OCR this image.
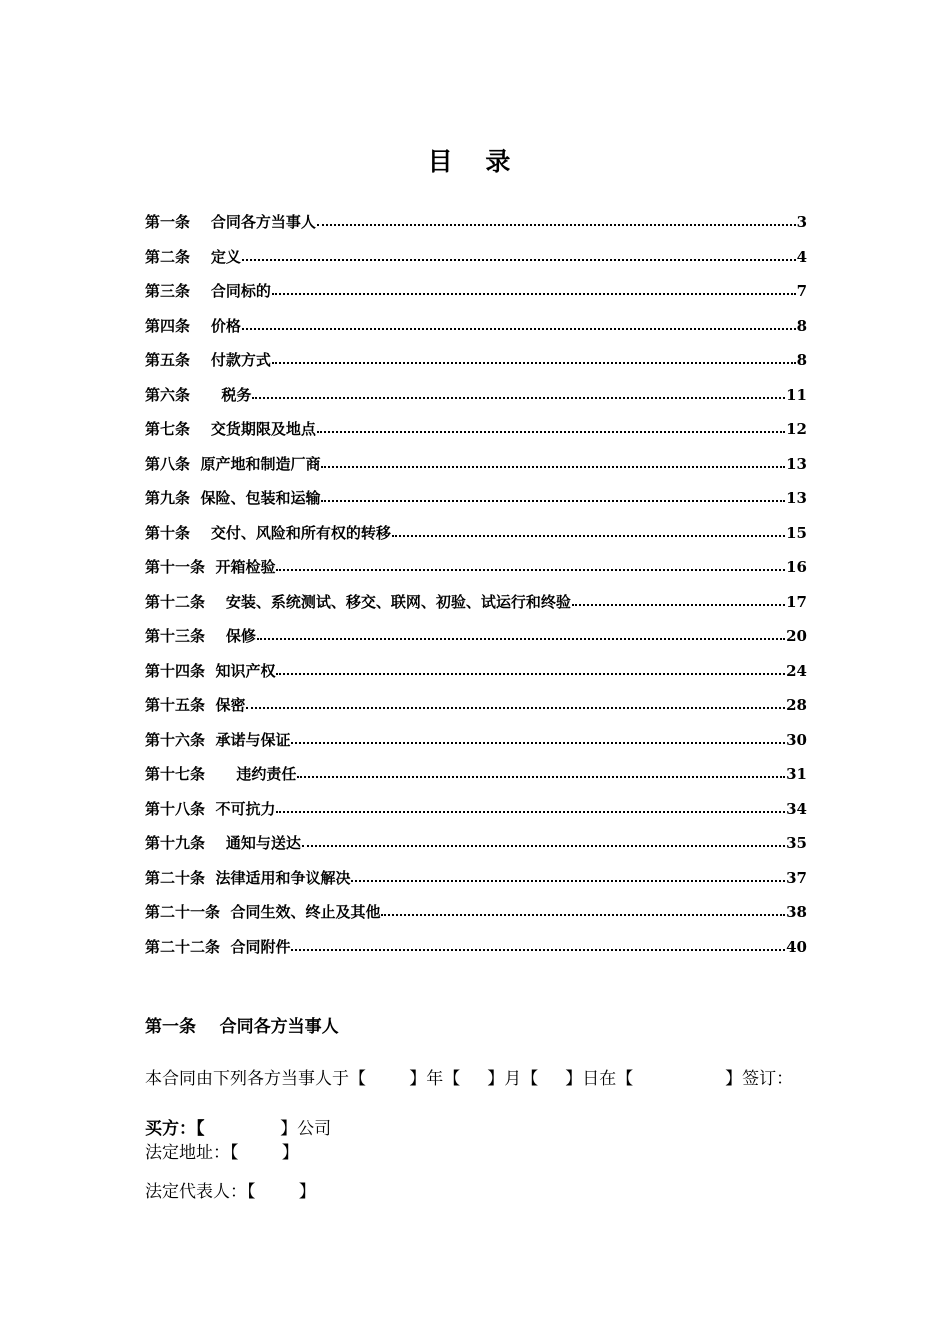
目 录
第一条    合同各方当事人	3
第二条    定义	4
第三条    合同标的	7
第四条    价格	8
第五条    付款方式	8
第六条      税务	11
第七条    交货期限及地点	12
第八条  原产地和制造厂商	13
第九条  保险、包装和运输	13
第十条    交付、风险和所有权的转移	15
第十一条  开箱检验	16
第十二条    安装、系统测试、移交、联网、初验、试运行和终验	17
第十三条    保修	20
第十四条  知识产权	24
第十五条  保密	28
第十六条  承诺与保证	30
第十七条      违约责任	31
第十八条  不可抗力	34
第十九条    通知与送达	35
第二十条  法律适用和争议解决	37
第二十一条  合同生效、终止及其他	38
第二十二条  合同附件	40
第一条    合同各方当事人
本合同由下列各方当事人于【        】年【     】月【     】日在【                 】签订：
买方：【              】公司
法定地址：【        】
法定代表人：【        】
